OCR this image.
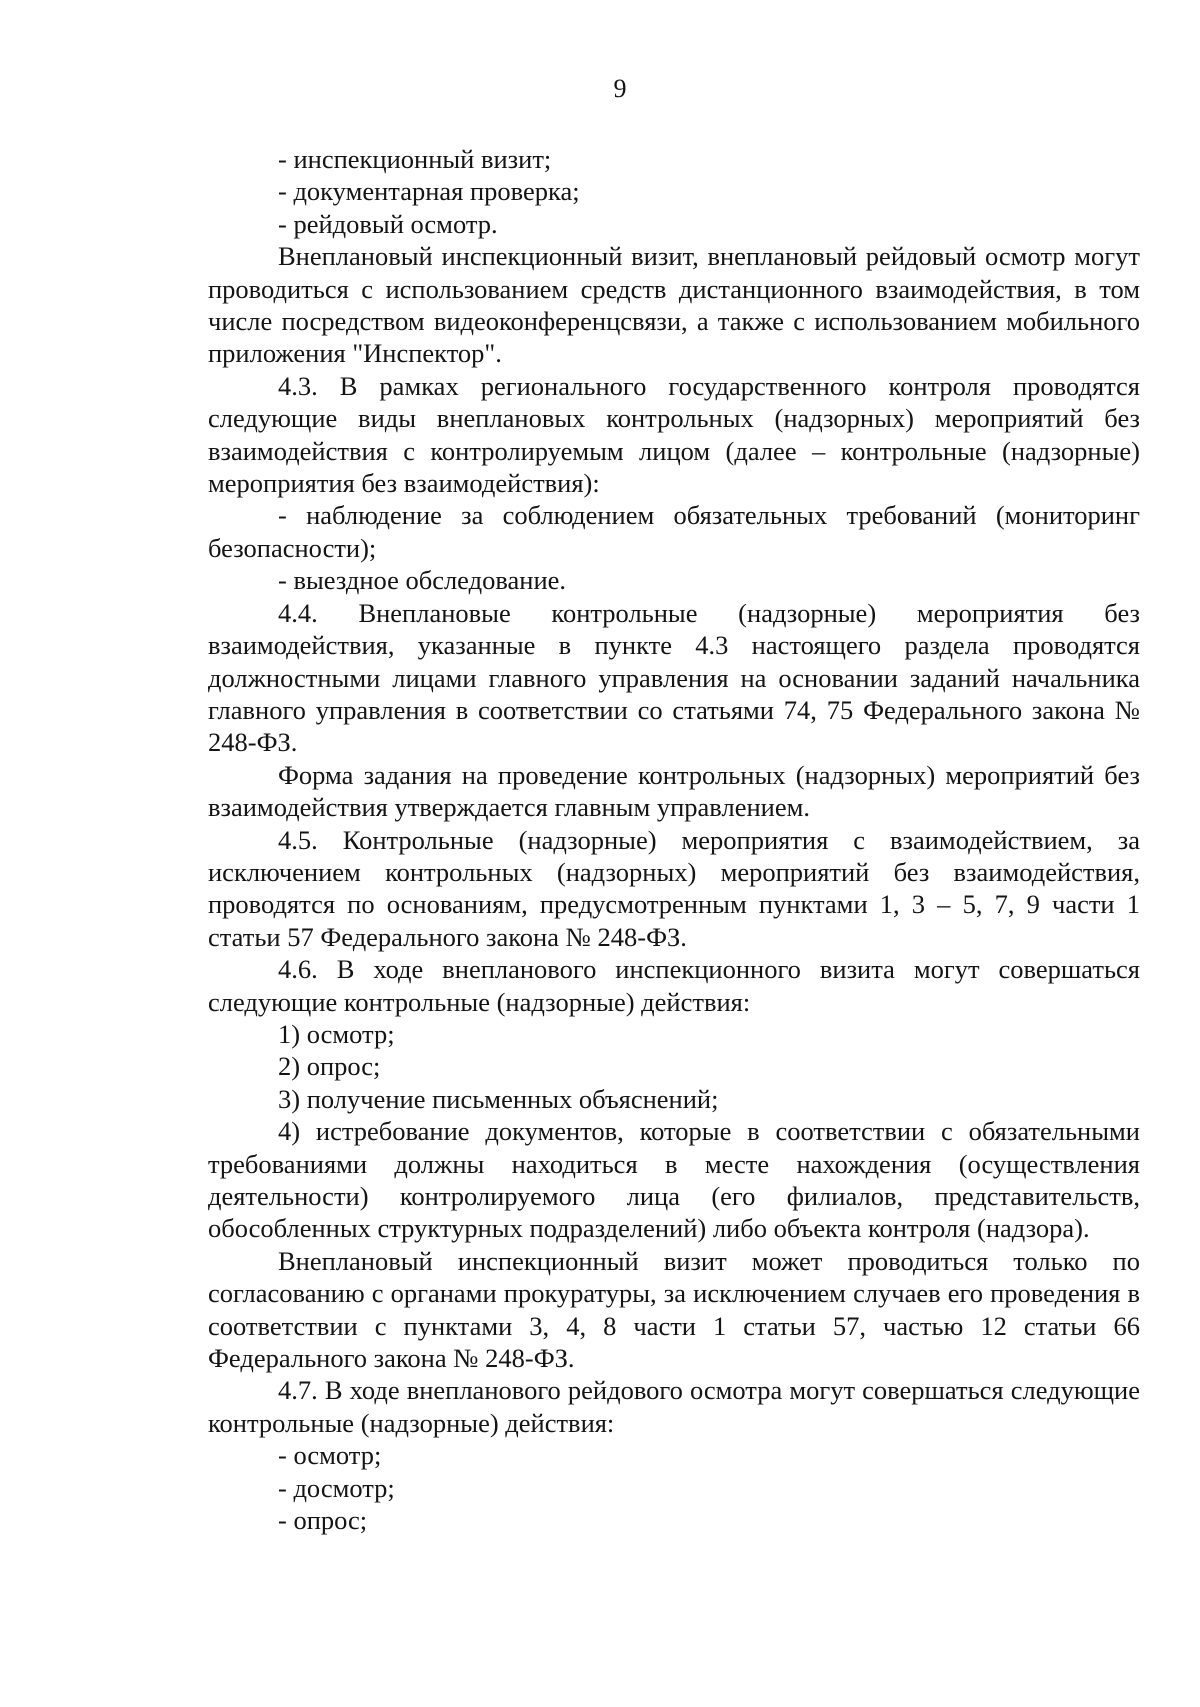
9

- инспекционный визит;

- документарная проверка;

- рейдовый осмотр.

Внеплановый инспекционный визит, внеплановый рейдовый осмотр могут проводиться с использованием средств дистанционного взаимодействия, в том числе посредством видеоконференцсвязи, а также с использованием мобильного приложения "Инспектор".

4.3. В рамках регионального государственного контроля проводятся следующие виды внеплановых контрольных (надзорных) мероприятий без взаимодействия с контролируемым лицом (далее – контрольные (надзорные) мероприятия без взаимодействия):

- наблюдение за соблюдением обязательных требований (мониторинг безопасности);

- выездное обследование.

4.4. Внеплановые контрольные (надзорные) мероприятия без взаимодействия, указанные в пункте 4.3 настоящего раздела проводятся должностными лицами главного управления на основании заданий начальника главного управления в соответствии со статьями 74, 75 Федерального закона № 248-ФЗ.

Форма задания на проведение контрольных (надзорных) мероприятий без взаимодействия утверждается главным управлением.

4.5. Контрольные (надзорные) мероприятия с взаимодействием, за исключением контрольных (надзорных) мероприятий без взаимодействия, проводятся по основаниям, предусмотренным пунктами 1, 3 – 5, 7, 9 части 1 статьи 57 Федерального закона № 248-ФЗ.

4.6. В ходе внепланового инспекционного визита могут совершаться следующие контрольные (надзорные) действия:

1) осмотр;

2) опрос;

3) получение письменных объяснений;

4) истребование документов, которые в соответствии с обязательными требованиями должны находиться в месте нахождения (осуществления деятельности) контролируемого лица (его филиалов, представительств, обособленных структурных подразделений) либо объекта контроля (надзора).

Внеплановый инспекционный визит может проводиться только по согласованию с органами прокуратуры, за исключением случаев его проведения в соответствии с пунктами 3, 4, 8 части 1 статьи 57, частью 12 статьи 66 Федерального закона № 248-ФЗ.

4.7. В ходе внепланового рейдового осмотра могут совершаться следующие контрольные (надзорные) действия:

- осмотр;

- досмотр;

- опрос;
